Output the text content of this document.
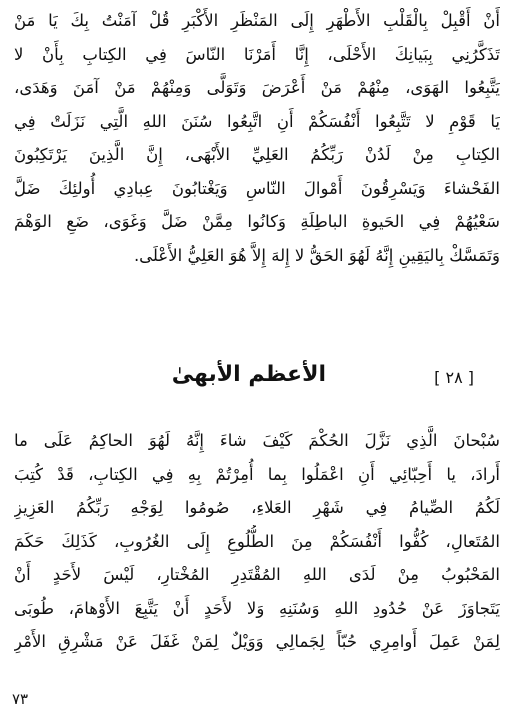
أَنْ أَقْبِلْ بِالْقَلْبِ الأَطْهَرِ إِلَى المَنْظَرِ الأَكْبَرِ قُلْ آمَنْتُ بِكَ يَا مَنْ
تَذَكَّرُنِي بِبَيانِكَ الأَحْلَى، إِنَّا أَمَرْنَا النّاسَ فِي الكِتابِ بِأَنْ لا
يَتَّبِعُوا الهَوَى، مِنْهُمْ مَنْ أَعْرَضَ وَتَوَلَّى وَمِنْهُمْ مَنْ آمَنَ وَهَدَى،
يَا قَوْمِ لا تَتَّبِعُوا أَنْفُسَكُمْ أَنِ اتَّبِعُوا سُنَنَ اللهِ الَّتِي نَزَلَتْ فِي
الكِتابِ مِنْ لَدُنْ رَبِّكُمُ العَلِيِّ الأَبْهَى، إِنَّ الَّذِينَ يَرْتَكِبُونَ
الفَحْشاءَ وَيَسْرِقُونَ أَمْوالَ النّاسِ وَيَغْتابُونَ عِبادِي أُولئِكَ ضَلَّ
سَعْيُهُمْ فِي الحَيوةِ الباطِلَةِ وَكانُوا مِمَّنْ ضَلَّ وَغَوَى، ضَعِ الوَهْمَ
وَتَمَسَّكْ بِاليَقِينِ إِنَّهُ لَهُوَ الحَقُّ لا إِلهَ إِلاَّ هُوَ العَلِيُّ الأَعْلَى.
[ ٢٨ ]
الأعظم الأبهىٰ
سُبْحانَ الَّذِي نَزَّلَ الحُكْمَ كَيْفَ شاءَ إِنَّهُ لَهُوَ الحاكِمُ عَلَى ما
أَرادَ، يا أَحِبّائِي أَنِ اعْمَلُوا بِما أُمِرْتُمْ بِهِ فِي الكِتابِ، قَدْ كُتِبَ
لَكُمُ الصِّيامُ فِي شَهْرِ العَلاءِ، صُومُوا لِوَجْهِ رَبِّكُمُ العَزِيزِ
المُتَعالِ، كُفُّوا أَنْفُسَكُمْ مِنَ الطُّلُوعِ إِلَى الغُرُوبِ، كَذَلِكَ حَكَمَ
المَحْبُوبُ مِنْ لَدَى اللهِ المُقْتَدِرِ المُخْتارِ، لَيْسَ لأَحَدٍ أَنْ
يَتَجاوَزَ عَنْ حُدُودِ اللهِ وَسُنَنِهِ وَلا لأَحَدٍ أَنْ يَتَّبِعَ الأَوْهامَ، طُوبَى
لِمَنْ عَمِلَ أَوامِرِي حُبّاً لِجَمالِي وَوَيْلٌ لِمَنْ غَفَلَ عَنْ مَشْرِقِ الأَمْرِ
٧٣
